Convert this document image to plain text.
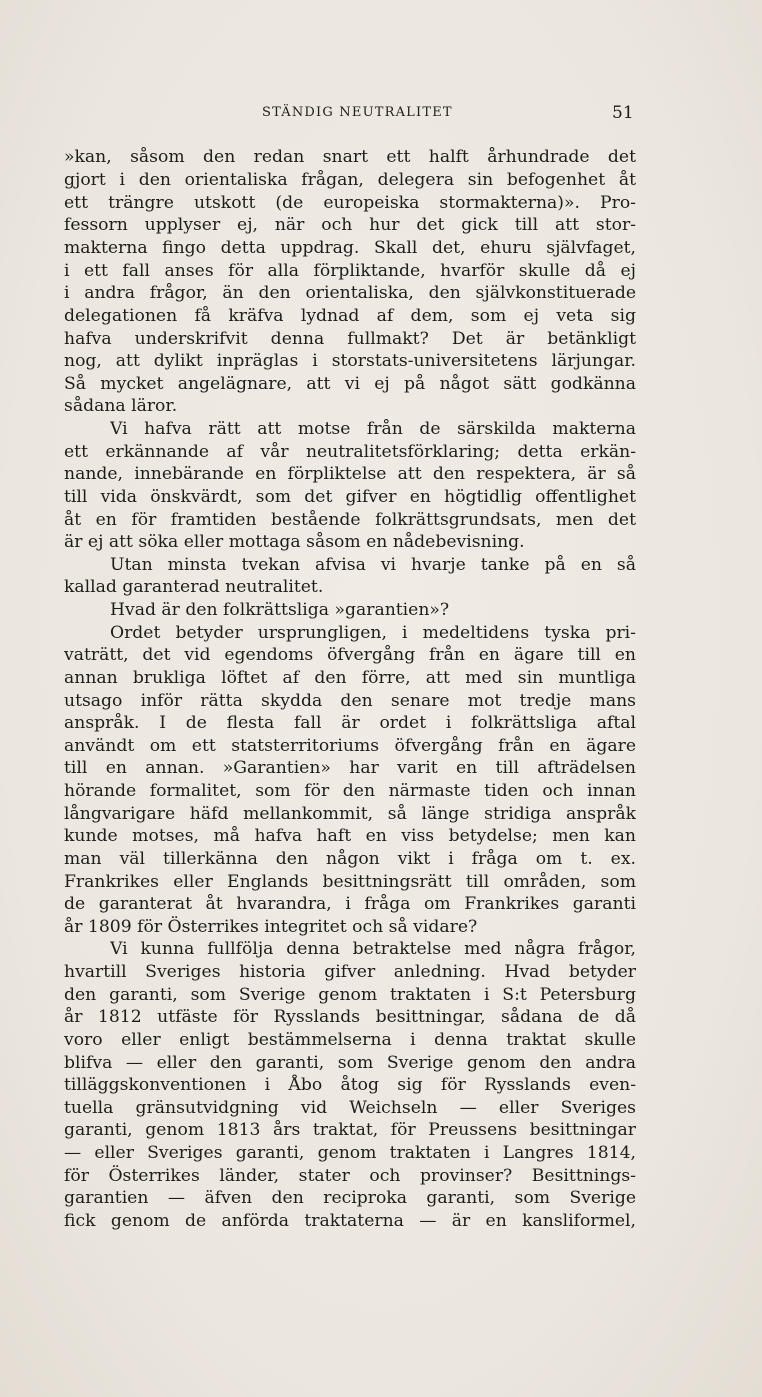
STÄNDIG NEUTRALITET	51
»kan, såsom den redan snart ett halft århundrade det
gjort i den orientaliska frågan, delegera sin befogenhet åt
ett trängre utskott (de europeiska stormakterna)». Pro-
fessorn upplyser ej, när och hur det gick till att stor-
makterna fingo detta uppdrag. Skall det, ehuru självfaget,
i ett fall anses för alla förpliktande, hvarför skulle då ej
i andra frågor, än den orientaliska, den självkonstituerade
delegationen få kräfva lydnad af dem, som ej veta sig
hafva underskrifvit denna fullmakt? Det är betänkligt
nog, att dylikt inpräglas i storstats-universitetens lärjungar.
Så mycket angelägnare, att vi ej på något sätt godkänna
sådana läror.
Vi hafva rätt att motse från de särskilda makterna
ett erkännande af vår neutralitetsförklaring; detta erkän-
nande, innebärande en förpliktelse att den respektera, är så
till vida önskvärdt, som det gifver en högtidlig offentlighet
åt en för framtiden bestående folkrättsgrundsats, men det
är ej att söka eller mottaga såsom en nådebevisning.
Utan minsta tvekan afvisa vi hvarje tanke på en så
kallad garanterad neutralitet.
Hvad är den folkrättsliga »garantien»?
Ordet betyder ursprungligen, i medeltidens tyska pri-
vaträtt, det vid egendoms öfvergång från en ägare till en
annan brukliga löftet af den förre, att med sin muntliga
utsago inför rätta skydda den senare mot tredje mans
anspråk. I de flesta fall är ordet i folkrättsliga aftal
användt om ett statsterritoriums öfvergång från en ägare
till en annan. »Garantien» har varit en till afträdelsen
hörande formalitet, som för den närmaste tiden och innan
långvarigare häfd mellankommit, så länge stridiga anspråk
kunde motses, må hafva haft en viss betydelse; men kan
man väl tillerkänna den någon vikt i fråga om t. ex.
Frankrikes eller Englands besittningsrätt till områden, som
de garanterat åt hvarandra, i fråga om Frankrikes garanti
år 1809 för Österrikes integritet och så vidare?
Vi kunna fullfölja denna betraktelse med några frågor,
hvartill Sveriges historia gifver anledning. Hvad betyder
den garanti, som Sverige genom traktaten i S:t Petersburg
år 1812 utfäste för Rysslands besittningar, sådana de då
voro eller enligt bestämmelserna i denna traktat skulle
blifva — eller den garanti, som Sverige genom den andra
tilläggskonventionen i Åbo åtog sig för Rysslands even-
tuella gränsutvidgning vid Weichseln — eller Sveriges
garanti, genom 1813 års traktat, för Preussens besittningar
— eller Sveriges garanti, genom traktaten i Langres 1814,
för Österrikes länder, stater och provinser? Besittnings-
garantien — äfven den reciproka garanti, som Sverige
fick genom de anförda traktaterna — är en kansliformel,
